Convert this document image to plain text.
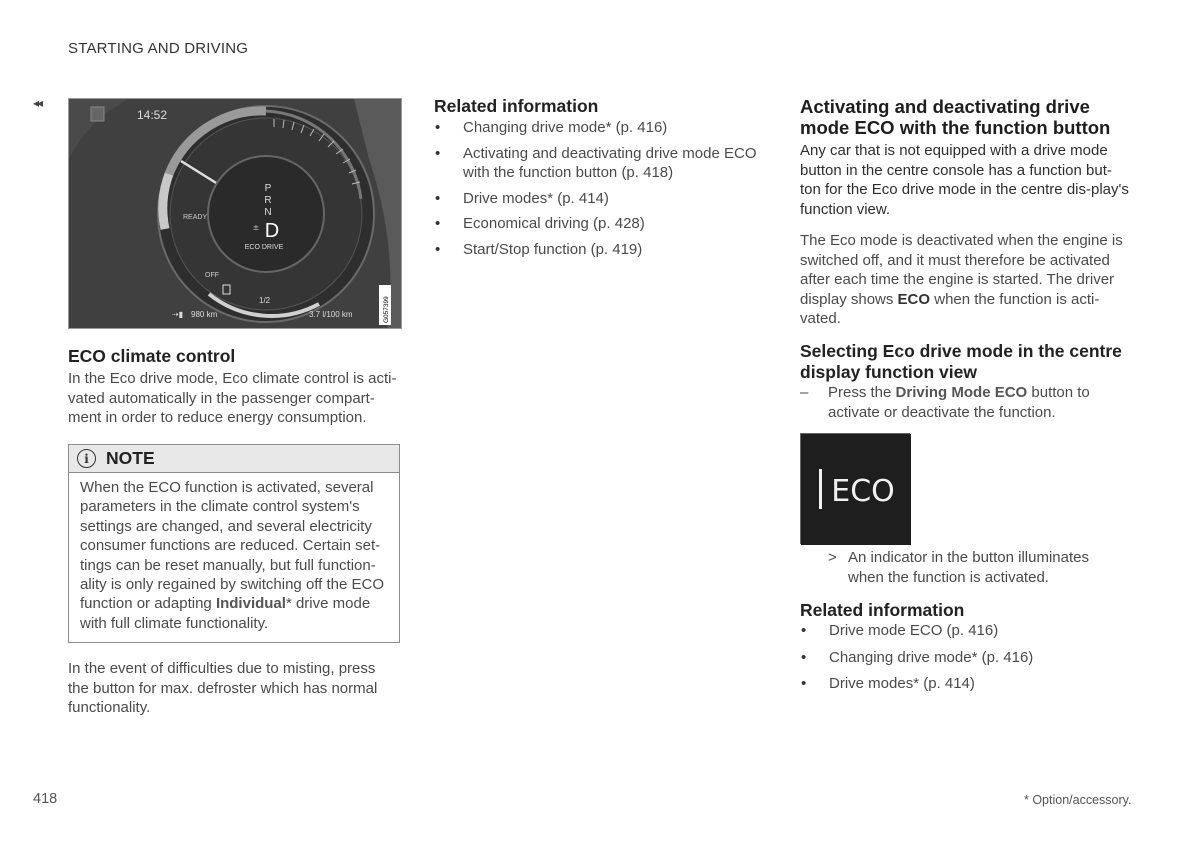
STARTING AND DRIVING
◂◂
P
R
N
D
±
ECO DRIVE
14:52
READY
OFF
1/2
⇢▮ 980 km	3.7 l/100 km	G057399
ECO climate control
In the Eco drive mode, Eco climate control is acti-vated automatically in the passenger compart-ment in order to reduce energy consumption.
i NOTE
When the ECO function is activated, several parameters in the climate control system's settings are changed, and several electricity consumer functions are reduced. Certain set-tings can be reset manually, but full function-ality is only regained by switching off the ECO function or adapting Individual* drive mode with full climate functionality.
In the event of difficulties due to misting, press the button for max. defroster which has normal functionality.
Related information
• Changing drive mode* (p. 416)
• Activating and deactivating drive mode ECO with the function button (p. 418)
• Drive modes* (p. 414)
• Economical driving (p. 428)
• Start/Stop function (p. 419)
Activating and deactivating drive mode ECO with the function button
Any car that is not equipped with a drive mode button in the centre console has a function but-ton for the Eco drive mode in the centre dis-play's function view.
The Eco mode is deactivated when the engine is switched off, and it must therefore be activated after each time the engine is started. The driver display shows ECO when the function is acti-vated.
Selecting Eco drive mode in the centre display function view
–	Press the Driving Mode ECO button to activate or deactivate the function.
ECO
> An indicator in the button illuminates when the function is activated.
Related information
• Drive mode ECO (p. 416)
• Changing drive mode* (p. 416)
• Drive modes* (p. 414)
418	* Option/accessory.
